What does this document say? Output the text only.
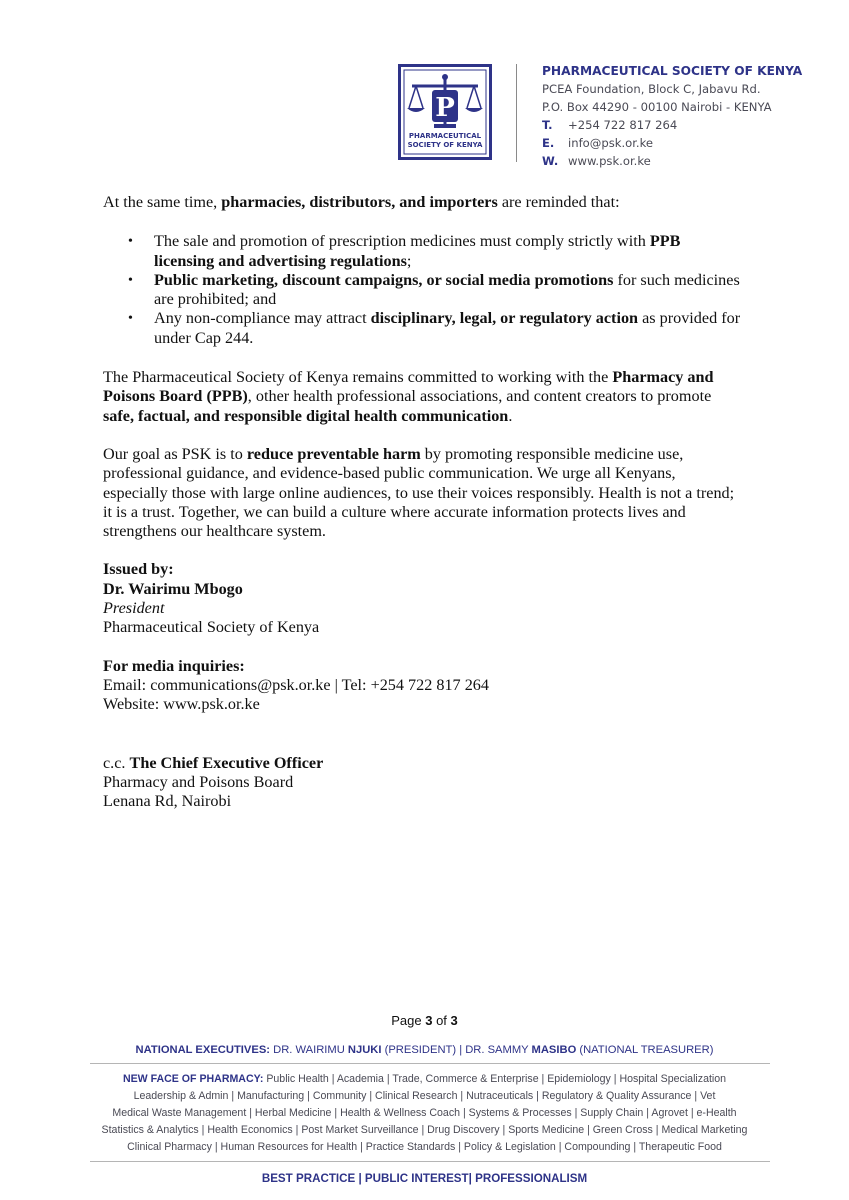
P
PHARMACEUTICAL
SOCIETY OF KENYA
PHARMACEUTICAL SOCIETY OF KENYA
PCEA Foundation, Block C, Jabavu Rd.
P.O. Box 44290 - 00100 Nairobi - KENYA
T. +254 722 817 264
E. info@psk.or.ke
W. www.psk.or.ke

At the same time, pharmacies, distributors, and importers are reminded that:

• The sale and promotion of prescription medicines must comply strictly with PPB licensing and advertising regulations;
• Public marketing, discount campaigns, or social media promotions for such medicines are prohibited; and
• Any non-compliance may attract disciplinary, legal, or regulatory action as provided for under Cap 244.

The Pharmaceutical Society of Kenya remains committed to working with the Pharmacy and Poisons Board (PPB), other health professional associations, and content creators to promote safe, factual, and responsible digital health communication.

Our goal as PSK is to reduce preventable harm by promoting responsible medicine use, professional guidance, and evidence-based public communication. We urge all Kenyans, especially those with large online audiences, to use their voices responsibly. Health is not a trend; it is a trust. Together, we can build a culture where accurate information protects lives and strengthens our healthcare system.

Issued by:
Dr. Wairimu Mbogo
President
Pharmaceutical Society of Kenya
For media inquiries:
Email: communications@psk.or.ke | Tel: +254 722 817 264
Website: www.psk.or.ke
c.c. The Chief Executive Officer
Pharmacy and Poisons Board
Lenana Rd, Nairobi
Page 3 of 3
NATIONAL EXECUTIVES: DR. WAIRIMU NJUKI (PRESIDENT) | DR. SAMMY MASIBO (NATIONAL TREASURER)
NEW FACE OF PHARMACY: Public Health | Academia | Trade, Commerce & Enterprise | Epidemiology | Hospital Specialization
Leadership & Admin | Manufacturing | Community | Clinical Research | Nutraceuticals | Regulatory & Quality Assurance | Vet
Medical Waste Management | Herbal Medicine | Health & Wellness Coach | Systems & Processes | Supply Chain | Agrovet | e-Health
Statistics & Analytics | Health Economics | Post Market Surveillance | Drug Discovery | Sports Medicine | Green Cross | Medical Marketing
Clinical Pharmacy | Human Resources for Health | Practice Standards | Policy & Legislation | Compounding | Therapeutic Food
BEST PRACTICE | PUBLIC INTEREST| PROFESSIONALISM
